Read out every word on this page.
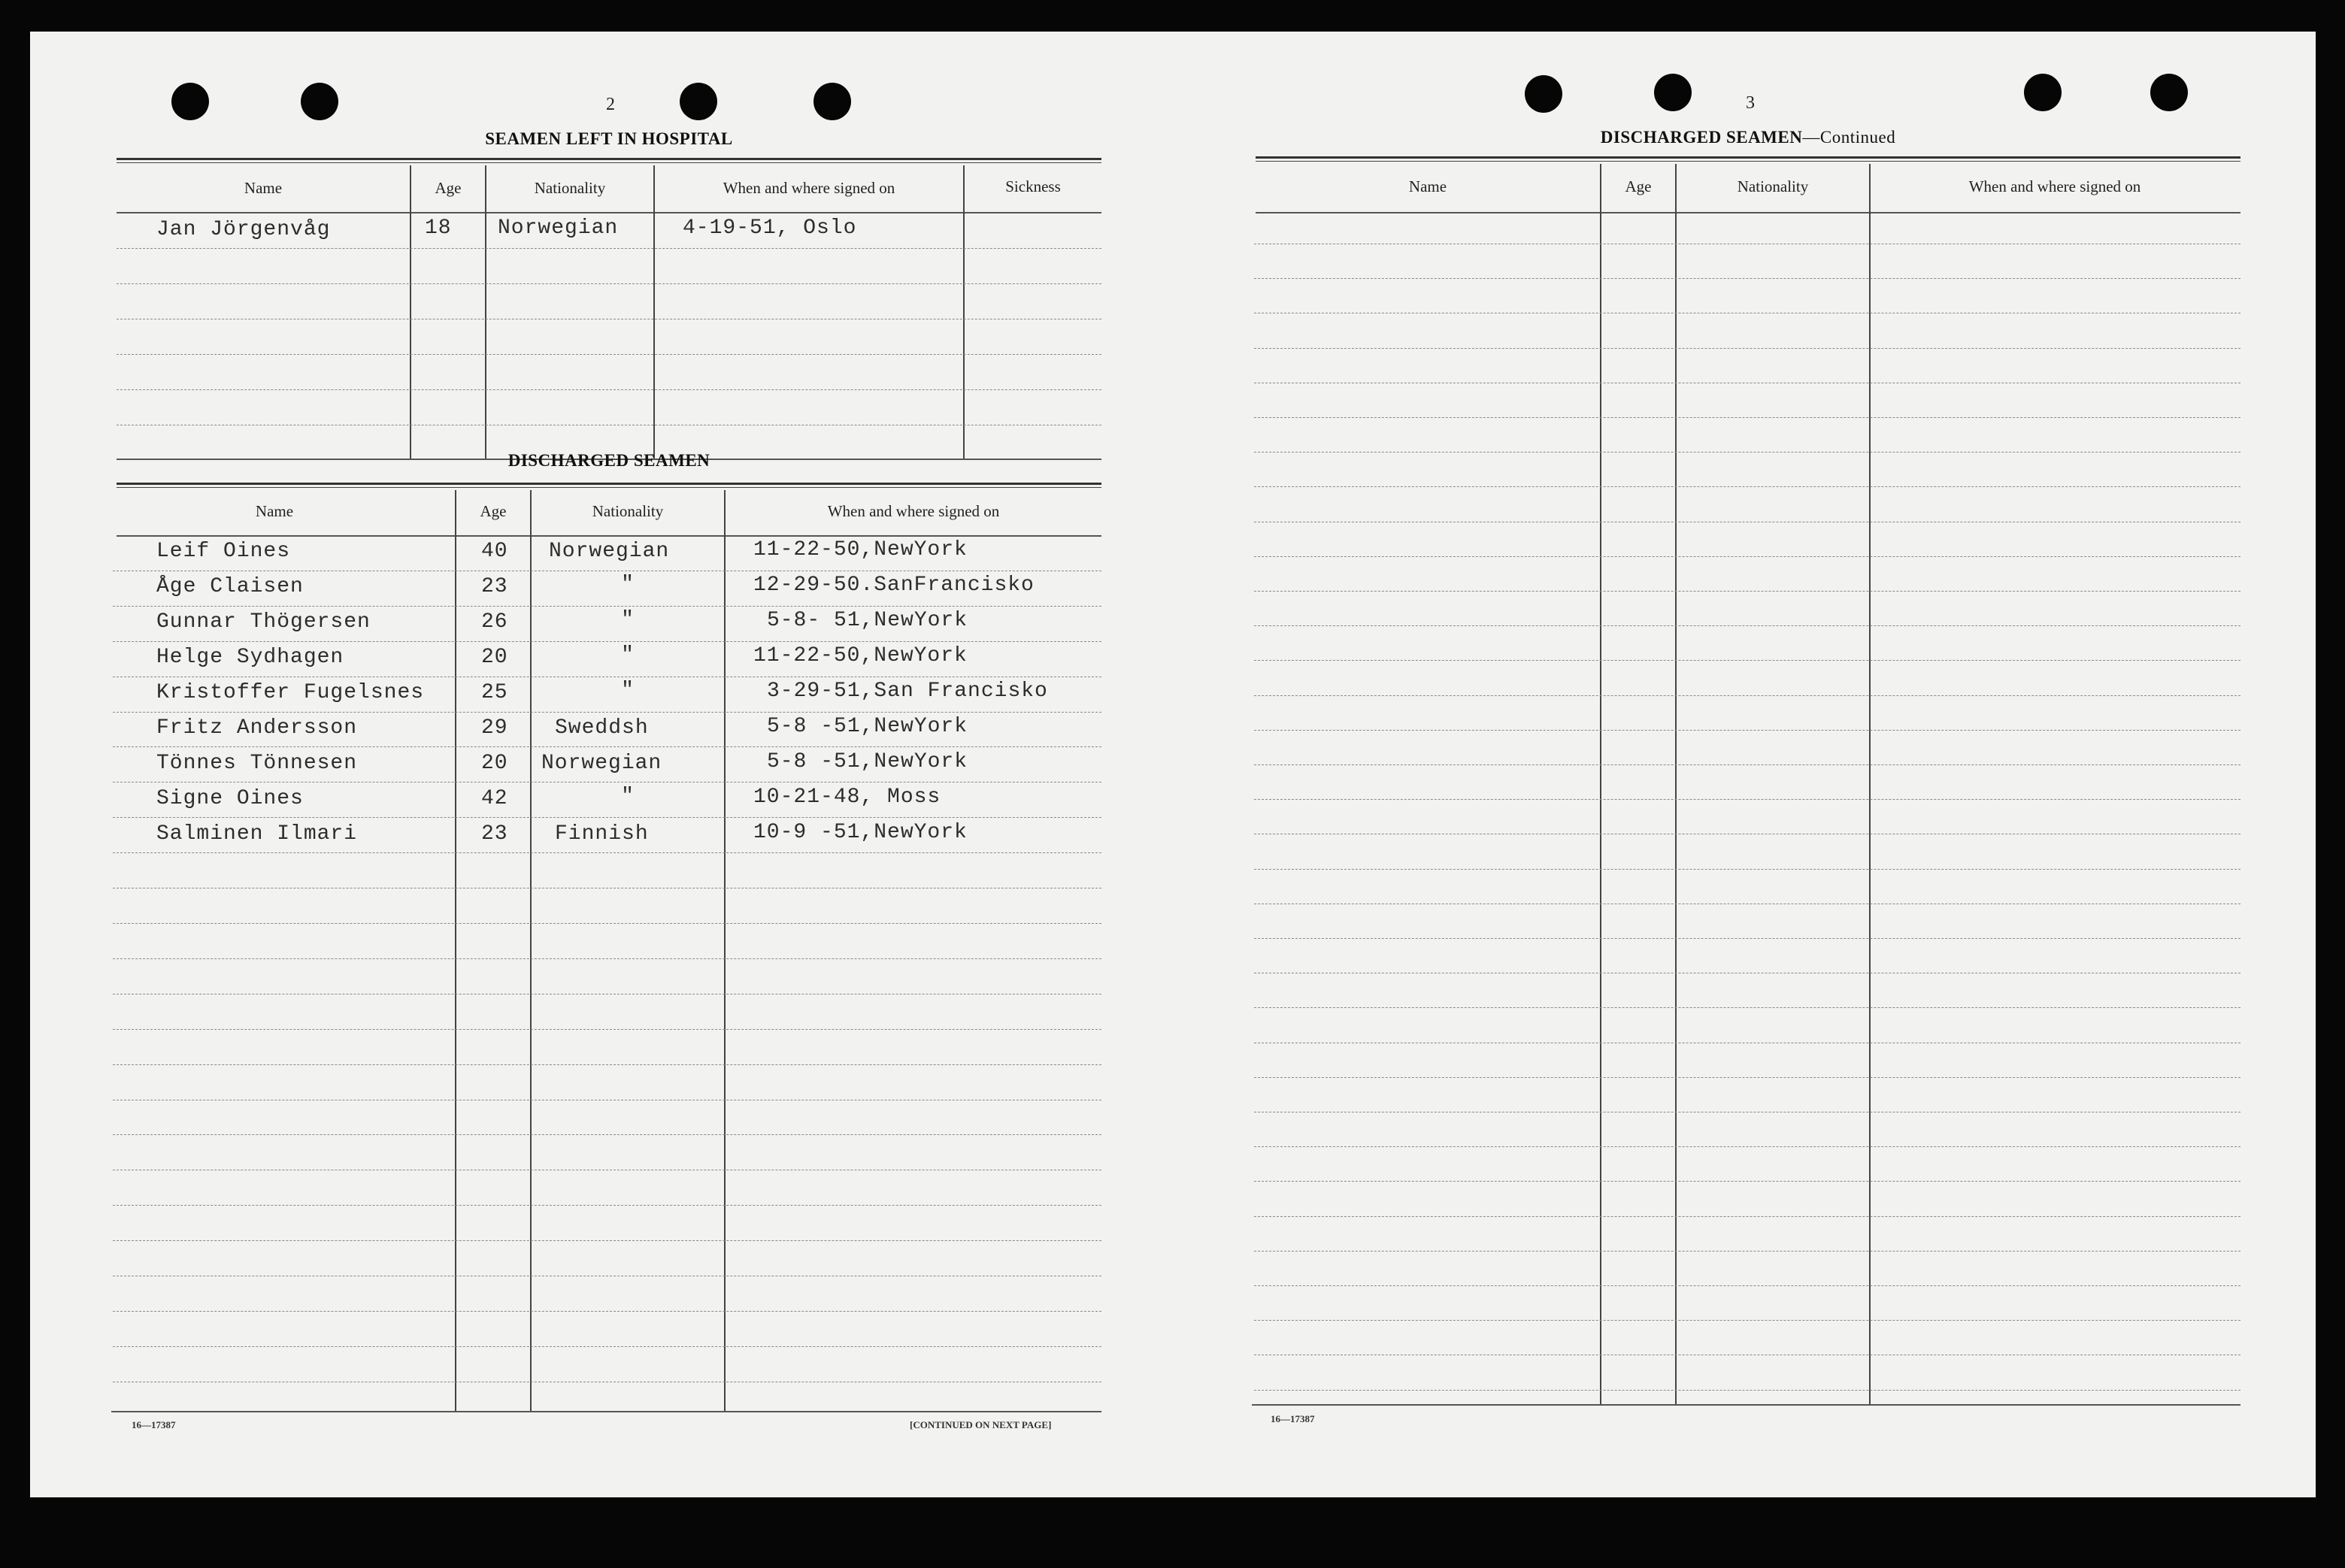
2
SEAMEN LEFT IN HOSPITAL
Name	Age	Nationality	When and where signed on	Sickness
Jan Jörgenvåg	18 Norwegian	4-19-51, Oslo
DISCHARGED SEAMEN
Name	Age	Nationality	When and where signed on
Leif Oines	40 Norwegian	11-22-50,NewYork
Åge Claisen	23	"	12-29-50.SanFrancisko
Gunnar Thögersen	26	"	5-8- 51,NewYork
Helge Sydhagen	20	"	11-22-50,NewYork
Kristoffer Fugelsnes	25	"	3-29-51,San Francisko
Fritz Andersson	29 Sweddsh	5-8 -51,NewYork
Tönnes Tönnesen	20 Norwegian	5-8 -51,NewYork
Signe Oines	42	"	10-21-48, Moss
Salminen Ilmari	23 Finnish	10-9 -51,NewYork
16—17387	[CONTINUED ON NEXT PAGE]
3
DISCHARGED SEAMEN—Continued
Name	Age	Nationality	When and where signed on
16—17387
